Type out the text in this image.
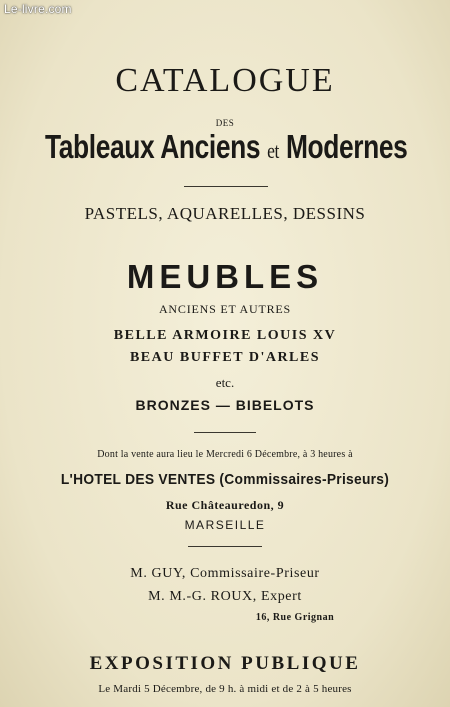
Le-livre.com
CATALOGUE
DES
Tableaux Anciens et Modernes
PASTELS, AQUARELLES, DESSINS
MEUBLES
ANCIENS ET AUTRES
BELLE ARMOIRE LOUIS XV
BEAU BUFFET D'ARLES
etc.
BRONZES — BIBELOTS
Dont la vente aura lieu le Mercredi 6 Décembre, à 3 heures à
L'HOTEL DES VENTES (Commissaires-Priseurs)
Rue Châteauredon, 9
MARSEILLE
M. GUY, Commissaire-Priseur
M. M.-G. ROUX, Expert
16, Rue Grignan
EXPOSITION PUBLIQUE
Le Mardi 5 Décembre, de 9 h. à midi et de 2 à 5 heures
